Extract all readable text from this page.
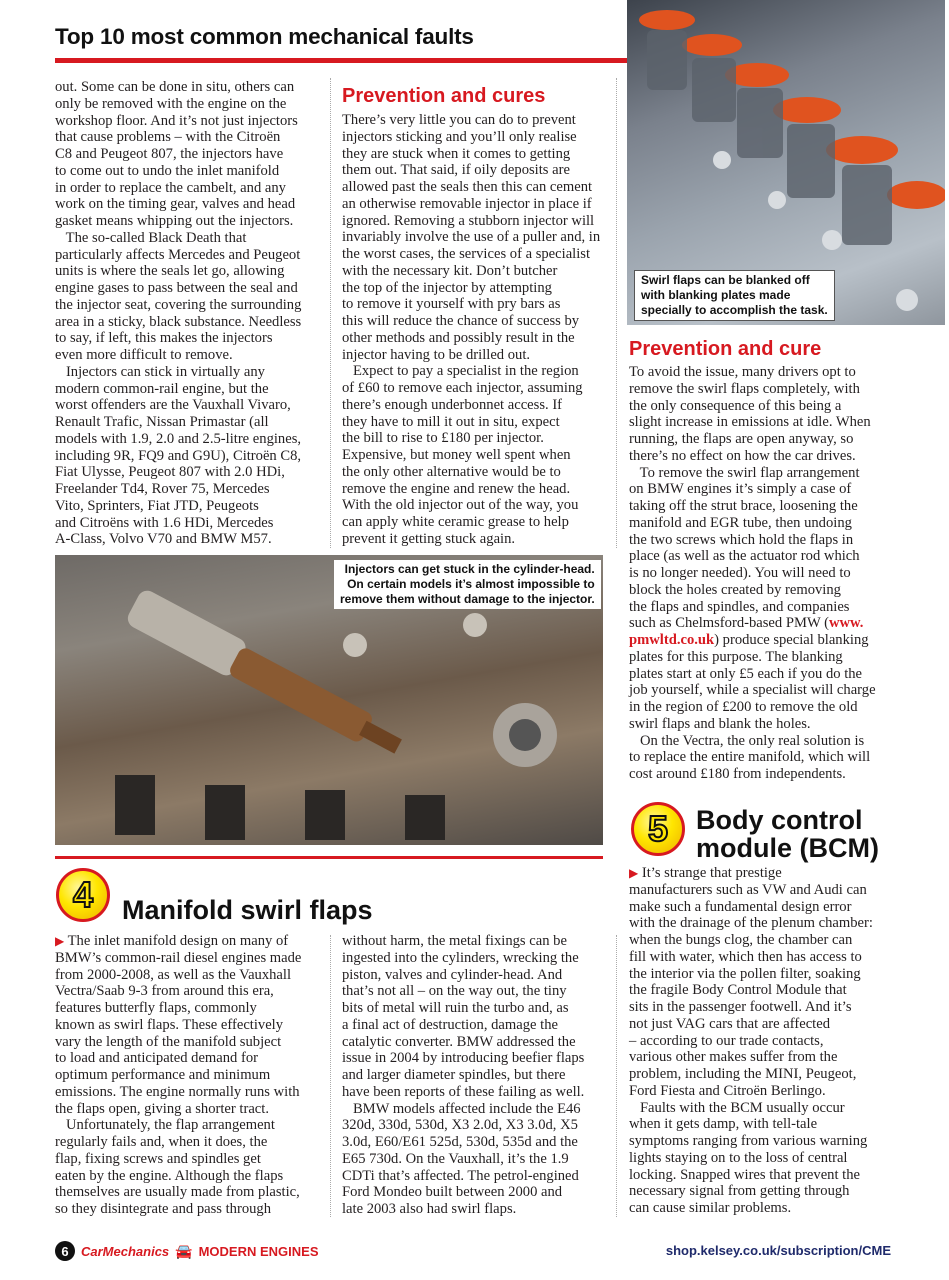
Top 10 most common mechanical faults
Swirl flaps can be blanked off
with blanking plates made
specially to accomplish the task.

out. Some can be done in situ, others can
only be removed with the engine on the
workshop floor. And it’s not just injectors
that cause problems – with the Citroën
C8 and Peugeot 807, the injectors have
to come out to undo the inlet manifold
in order to replace the cambelt, and any
work on the timing gear, valves and head
gasket means whipping out the injectors.

The so-called Black Death that
particularly affects Mercedes and Peugeot
units is where the seals let go, allowing
engine gases to pass between the seal and
the injector seat, covering the surrounding
area in a sticky, black substance. Needless
to say, if left, this makes the injectors
even more difficult to remove.

Injectors can stick in virtually any
modern common-rail engine, but the
worst offenders are the Vauxhall Vivaro,
Renault Trafic, Nissan Primastar (all
models with 1.9, 2.0 and 2.5-litre engines,
including 9R, FQ9 and G9U), Citroën C8,
Fiat Ulysse, Peugeot 807 with 2.0 HDi,
Freelander Td4, Rover 75, Mercedes
Vito, Sprinters, Fiat JTD, Peugeots
and Citroëns with 1.6 HDi, Mercedes
A-Class, Volvo V70 and BMW M57.

Prevention and cures

There’s very little you can do to prevent
injectors sticking and you’ll only realise
they are stuck when it comes to getting
them out. That said, if oily deposits are
allowed past the seals then this can cement
an otherwise removable injector in place if
ignored. Removing a stubborn injector will
invariably involve the use of a puller and, in
the worst cases, the services of a specialist
with the necessary kit. Don’t butcher
the top of the injector by attempting
to remove it yourself with pry bars as
this will reduce the chance of success by
other methods and possibly result in the
injector having to be drilled out.

Expect to pay a specialist in the region
of £60 to remove each injector, assuming
there’s enough underbonnet access. If
they have to mill it out in situ, expect
the bill to rise to £180 per injector.
Expensive, but money well spent when
the only other alternative would be to
remove the engine and renew the head.
With the old injector out of the way, you
can apply white ceramic grease to help
prevent it getting stuck again.

Injectors can get stuck in the cylinder-head.
On certain models it’s almost impossible to
remove them without damage to the injector.
4	Manifold swirl flaps

▶ The inlet manifold design on many of
BMW’s common-rail diesel engines made
from 2000-2008, as well as the Vauxhall
Vectra/Saab 9-3 from around this era,
features butterfly flaps, commonly
known as swirl flaps. These effectively
vary the length of the manifold subject
to load and anticipated demand for
optimum performance and minimum
emissions. The engine normally runs with
the flaps open, giving a shorter tract.

Unfortunately, the flap arrangement
regularly fails and, when it does, the
flap, fixing screws and spindles get
eaten by the engine. Although the flaps
themselves are usually made from plastic,
so they disintegrate and pass through

without harm, the metal fixings can be
ingested into the cylinders, wrecking the
piston, valves and cylinder-head. And
that’s not all – on the way out, the tiny
bits of metal will ruin the turbo and, as
a final act of destruction, damage the
catalytic converter. BMW addressed the
issue in 2004 by introducing beefier flaps
and larger diameter spindles, but there
have been reports of these failing as well.

BMW models affected include the E46
320d, 330d, 530d, X3 2.0d, X3 3.0d, X5
3.0d, E60/E61 525d, 530d, 535d and the
E65 730d. On the Vauxhall, it’s the 1.9
CDTi that’s affected. The petrol-engined
Ford Mondeo built between 2000 and
late 2003 also had swirl flaps.

Prevention and cure

To avoid the issue, many drivers opt to
remove the swirl flaps completely, with
the only consequence of this being a
slight increase in emissions at idle. When
running, the flaps are open anyway, so
there’s no effect on how the car drives.

To remove the swirl flap arrangement
on BMW engines it’s simply a case of
taking off the strut brace, loosening the
manifold and EGR tube, then undoing
the two screws which hold the flaps in
place (as well as the actuator rod which
is no longer needed). You will need to
block the holes created by removing
the flaps and spindles, and companies
such as Chelmsford-based PMW (www.
pmwltd.co.uk) produce special blanking
plates for this purpose. The blanking
plates start at only £5 each if you do the
job yourself, while a specialist will charge
in the region of £200 to remove the old
swirl flaps and blank the holes.

On the Vectra, the only real solution is
to replace the entire manifold, which will
cost around £180 from independents.

5	Body control
module (BCM)

▶ It’s strange that prestige
manufacturers such as VW and Audi can
make such a fundamental design error
with the drainage of the plenum chamber:
when the bungs clog, the chamber can
fill with water, which then has access to
the interior via the pollen filter, soaking
the fragile Body Control Module that
sits in the passenger footwell. And it’s
not just VAG cars that are affected
– according to our trade contacts,
various other makes suffer from the
problem, including the MINI, Peugeot,
Ford Fiesta and Citroën Berlingo.

Faults with the BCM usually occur
when it gets damp, with tell-tale
symptoms ranging from various warning
lights staying on to the loss of central
locking. Snapped wires that prevent the
necessary signal from getting through
can cause similar problems.

6 CarMechanics 🚘 MODERN ENGINES	shop.kelsey.co.uk/subscription/CME
